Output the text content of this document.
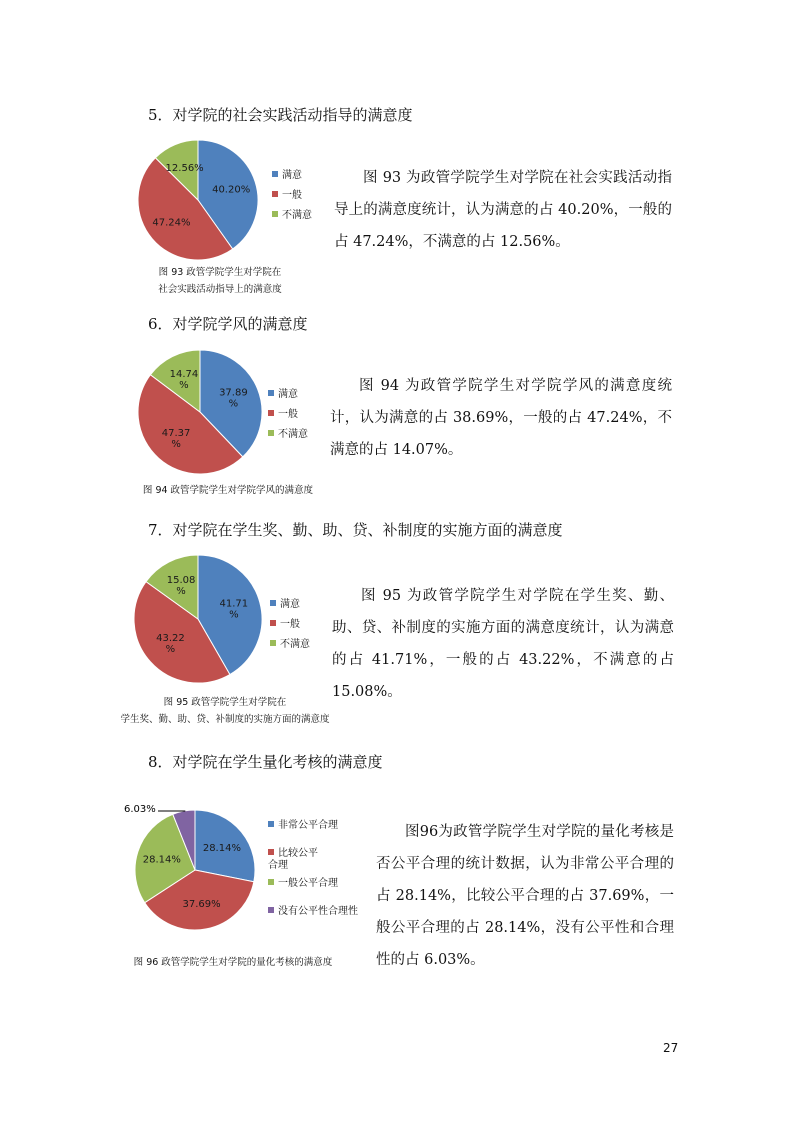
5．对学院的社会实践活动指导的满意度
40.20%
47.24%
12.56%
满意
一般
不满意
图 93 政管学院学生对学院在
社会实践活动指导上的满意度
图 93 为政管学院学生对学院在社会实践活动指导上的满意度统计，认为满意的占 40.20%，一般的占 47.24%，不满意的占 12.56%。
6．对学院学风的满意度
37.89 %
47.37 %
14.74 %
满意
一般
不满意
图 94 政管学院学生对学院学风的满意度
图 94 为政管学院学生对学院学风的满意度统计，认为满意的占 38.69%，一般的占 47.24%，不满意的占 14.07%。
7．对学院在学生奖、勤、助、贷、补制度的实施方面的满意度
41.71 %
43.22 %
15.08 %
满意
一般
不满意
图 95 政管学院学生对学院在
学生奖、勤、助、贷、补制度的实施方面的满意度
图 95 为政管学院学生对学院在学生奖、勤、助、贷、补制度的实施方面的满意度统计，认为满意的占 41.71%，一般的占 43.22%，不满意的占 15.08%。
8．对学院在学生量化考核的满意度
28.14%
37.69%
28.14%
6.03%
非常公平合理
比较公平
合理
一般公平合理
没有公平性合理性
图 96 政管学院学生对学院的量化考核的满意度
图96为政管学院学生对学院的量化考核是否公平合理的统计数据，认为非常公平合理的占 28.14%，比较公平合理的占 37.69%，一般公平合理的占 28.14%，没有公平性和合理性的占 6.03%。
27
